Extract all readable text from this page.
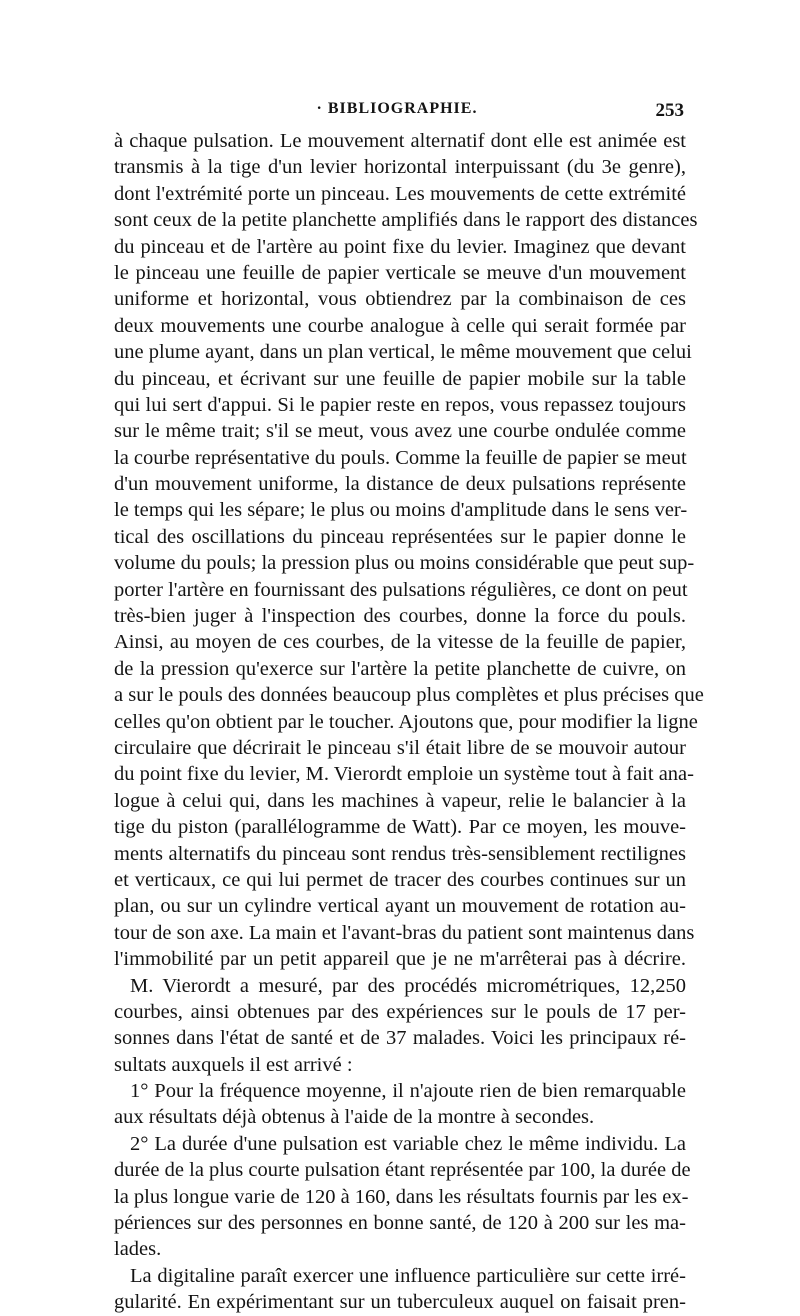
· BIBLIOGRAPHIE.	253
à chaque pulsation. Le mouvement alternatif dont elle est animée est
transmis à la tige d'un levier horizontal interpuissant (du 3e genre),
dont l'extrémité porte un pinceau. Les mouvements de cette extrémité
sont ceux de la petite planchette amplifiés dans le rapport des distances
du pinceau et de l'artère au point fixe du levier. Imaginez que devant
le pinceau une feuille de papier verticale se meuve d'un mouvement
uniforme et horizontal, vous obtiendrez par la combinaison de ces
deux mouvements une courbe analogue à celle qui serait formée par
une plume ayant, dans un plan vertical, le même mouvement que celui
du pinceau, et écrivant sur une feuille de papier mobile sur la table
qui lui sert d'appui. Si le papier reste en repos, vous repassez toujours
sur le même trait; s'il se meut, vous avez une courbe ondulée comme
la courbe représentative du pouls. Comme la feuille de papier se meut
d'un mouvement uniforme, la distance de deux pulsations représente
le temps qui les sépare; le plus ou moins d'amplitude dans le sens ver-
tical des oscillations du pinceau représentées sur le papier donne le
volume du pouls; la pression plus ou moins considérable que peut sup-
porter l'artère en fournissant des pulsations régulières, ce dont on peut
très-bien juger à l'inspection des courbes, donne la force du pouls.
Ainsi, au moyen de ces courbes, de la vitesse de la feuille de papier,
de la pression qu'exerce sur l'artère la petite planchette de cuivre, on
a sur le pouls des données beaucoup plus complètes et plus précises que
celles qu'on obtient par le toucher. Ajoutons que, pour modifier la ligne
circulaire que décrirait le pinceau s'il était libre de se mouvoir autour
du point fixe du levier, M. Vierordt emploie un système tout à fait ana-
logue à celui qui, dans les machines à vapeur, relie le balancier à la
tige du piston (parallélogramme de Watt). Par ce moyen, les mouve-
ments alternatifs du pinceau sont rendus très-sensiblement rectilignes
et verticaux, ce qui lui permet de tracer des courbes continues sur un
plan, ou sur un cylindre vertical ayant un mouvement de rotation au-
tour de son axe. La main et l'avant-bras du patient sont maintenus dans
l'immobilité par un petit appareil que je ne m'arrêterai pas à décrire.
M. Vierordt a mesuré, par des procédés micrométriques, 12,250
courbes, ainsi obtenues par des expériences sur le pouls de 17 per-
sonnes dans l'état de santé et de 37 malades. Voici les principaux ré-
sultats auxquels il est arrivé :
1° Pour la fréquence moyenne, il n'ajoute rien de bien remarquable
aux résultats déjà obtenus à l'aide de la montre à secondes.
2° La durée d'une pulsation est variable chez le même individu. La
durée de la plus courte pulsation étant représentée par 100, la durée de
la plus longue varie de 120 à 160, dans les résultats fournis par les ex-
périences sur des personnes en bonne santé, de 120 à 200 sur les ma-
lades.
La digitaline paraît exercer une influence particulière sur cette irré-
gularité. En expérimentant sur un tuberculeux auquel on faisait pren-
